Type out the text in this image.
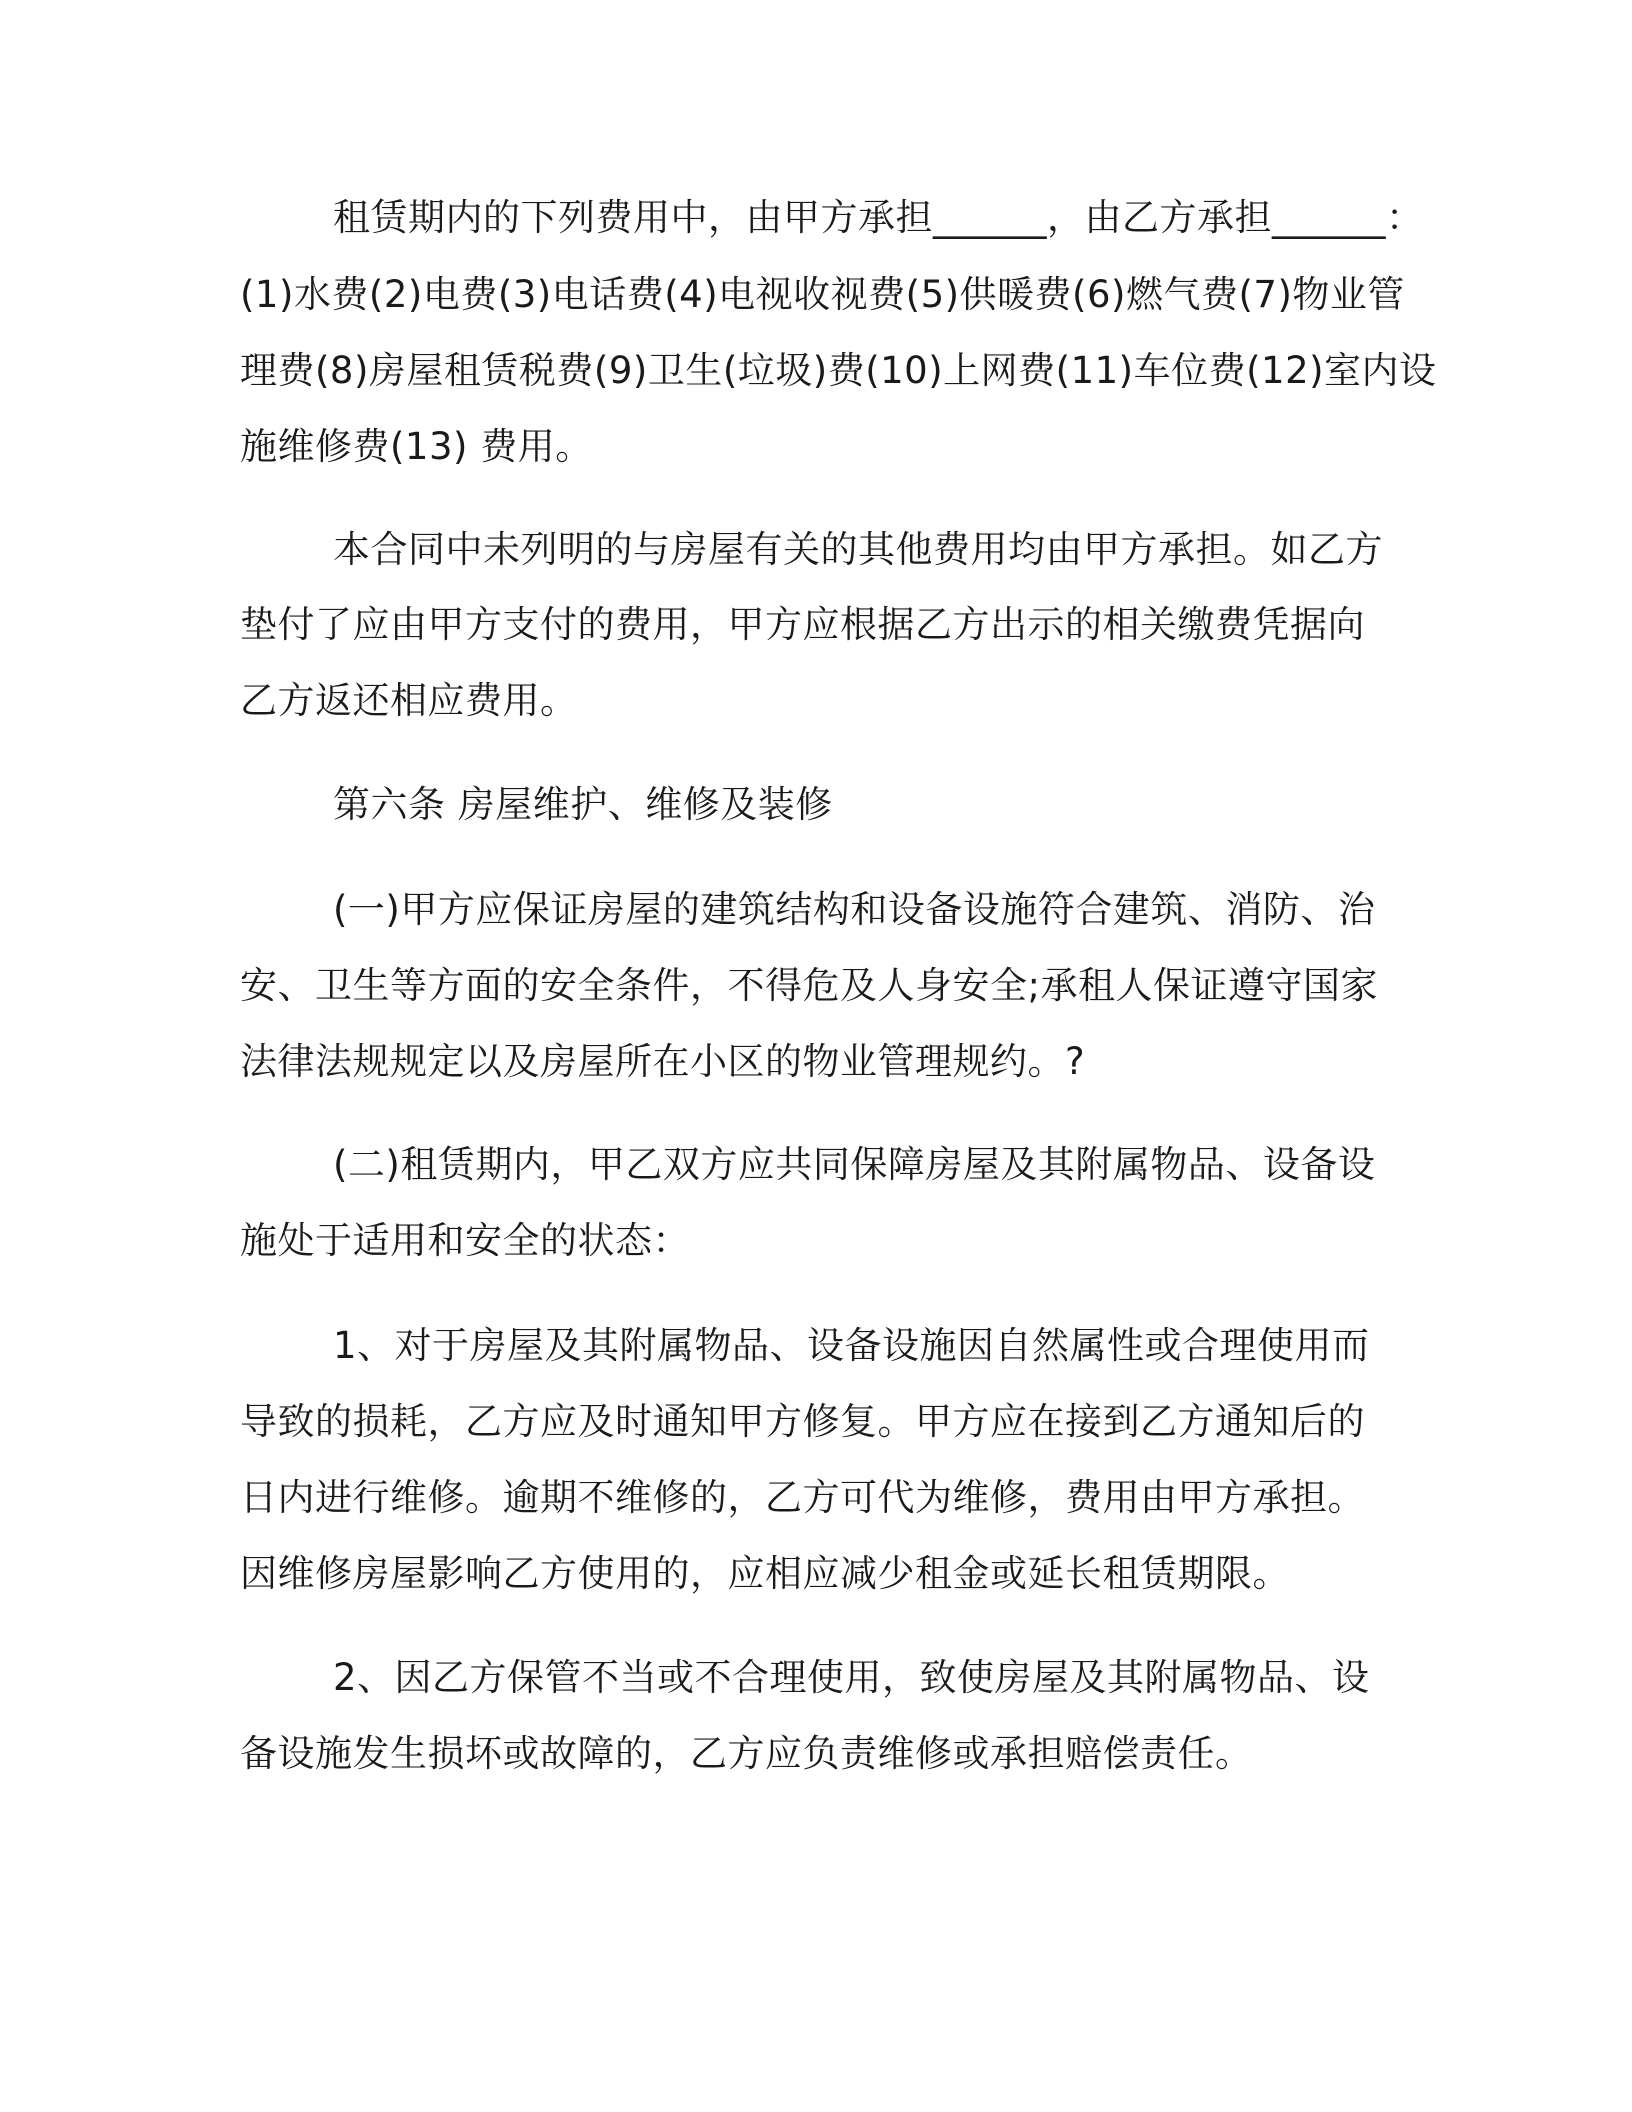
租赁期内的下列费用中，由甲方承担______，由乙方承担______：
(1)水费(2)电费(3)电话费(4)电视收视费(5)供暖费(6)燃气费(7)物业管
理费(8)房屋租赁税费(9)卫生(垃圾)费(10)上网费(11)车位费(12)室内设
施维修费(13) 费用。
本合同中未列明的与房屋有关的其他费用均由甲方承担。如乙方
垫付了应由甲方支付的费用，甲方应根据乙方出示的相关缴费凭据向
乙方返还相应费用。
第六条 房屋维护、维修及装修
(一)甲方应保证房屋的建筑结构和设备设施符合建筑、消防、治
安、卫生等方面的安全条件，不得危及人身安全;承租人保证遵守国家
法律法规规定以及房屋所在小区的物业管理规约。?
(二)租赁期内，甲乙双方应共同保障房屋及其附属物品、设备设
施处于适用和安全的状态：
1、对于房屋及其附属物品、设备设施因自然属性或合理使用而
导致的损耗，乙方应及时通知甲方修复。甲方应在接到乙方通知后的
日内进行维修。逾期不维修的，乙方可代为维修，费用由甲方承担。
因维修房屋影响乙方使用的，应相应减少租金或延长租赁期限。
2、因乙方保管不当或不合理使用，致使房屋及其附属物品、设
备设施发生损坏或故障的，乙方应负责维修或承担赔偿责任。
